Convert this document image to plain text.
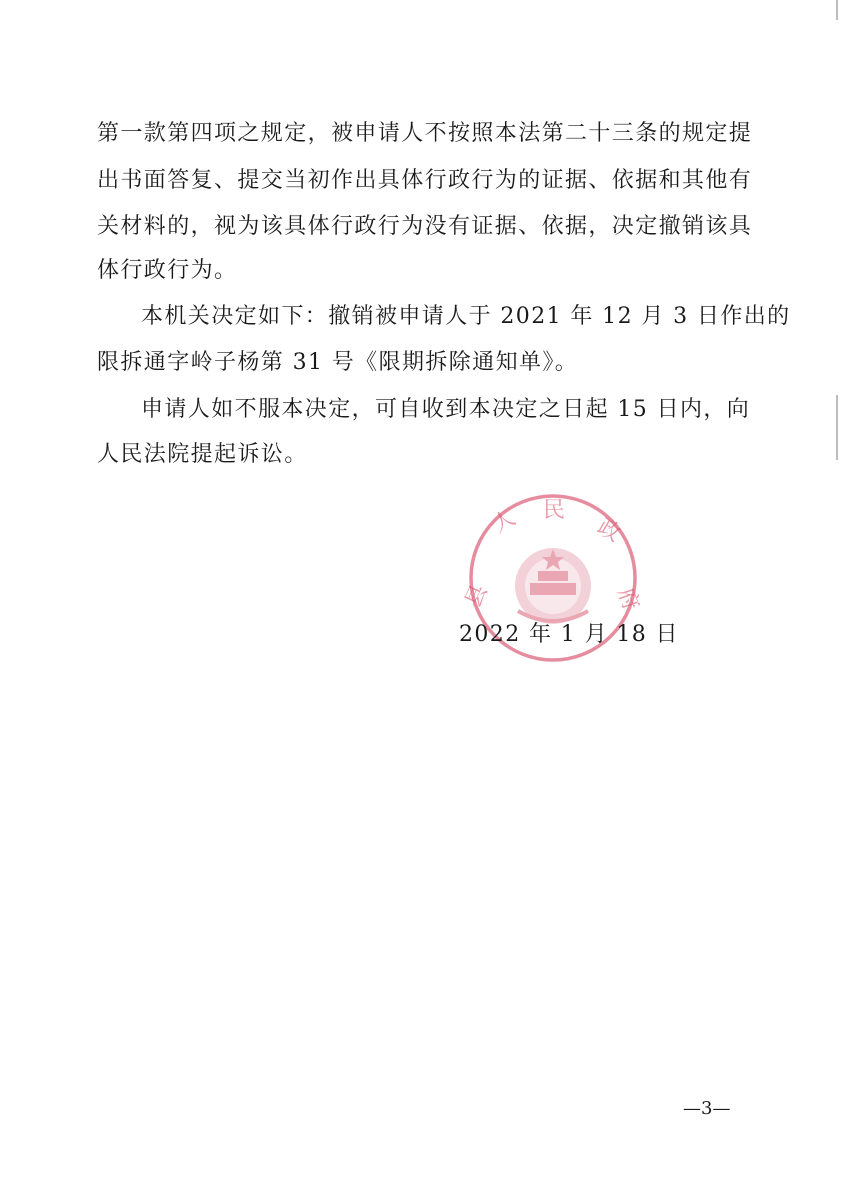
第一款第四项之规定，被申请人不按照本法第二十三条的规定提
出书面答复、提交当初作出具体行政行为的证据、依据和其他有
关材料的，视为该具体行政行为没有证据、依据，决定撤销该具
体行政行为。
本机关决定如下：撤销被申请人于 2021 年 12 月 3 日作出的
限拆通字岭子杨第 31 号《限期拆除通知单》。
申请人如不服本决定，可自收到本决定之日起 15 日内，向
人民法院提起诉讼。
县
人 民
政
府
2022 年 1 月 18 日
—3—
